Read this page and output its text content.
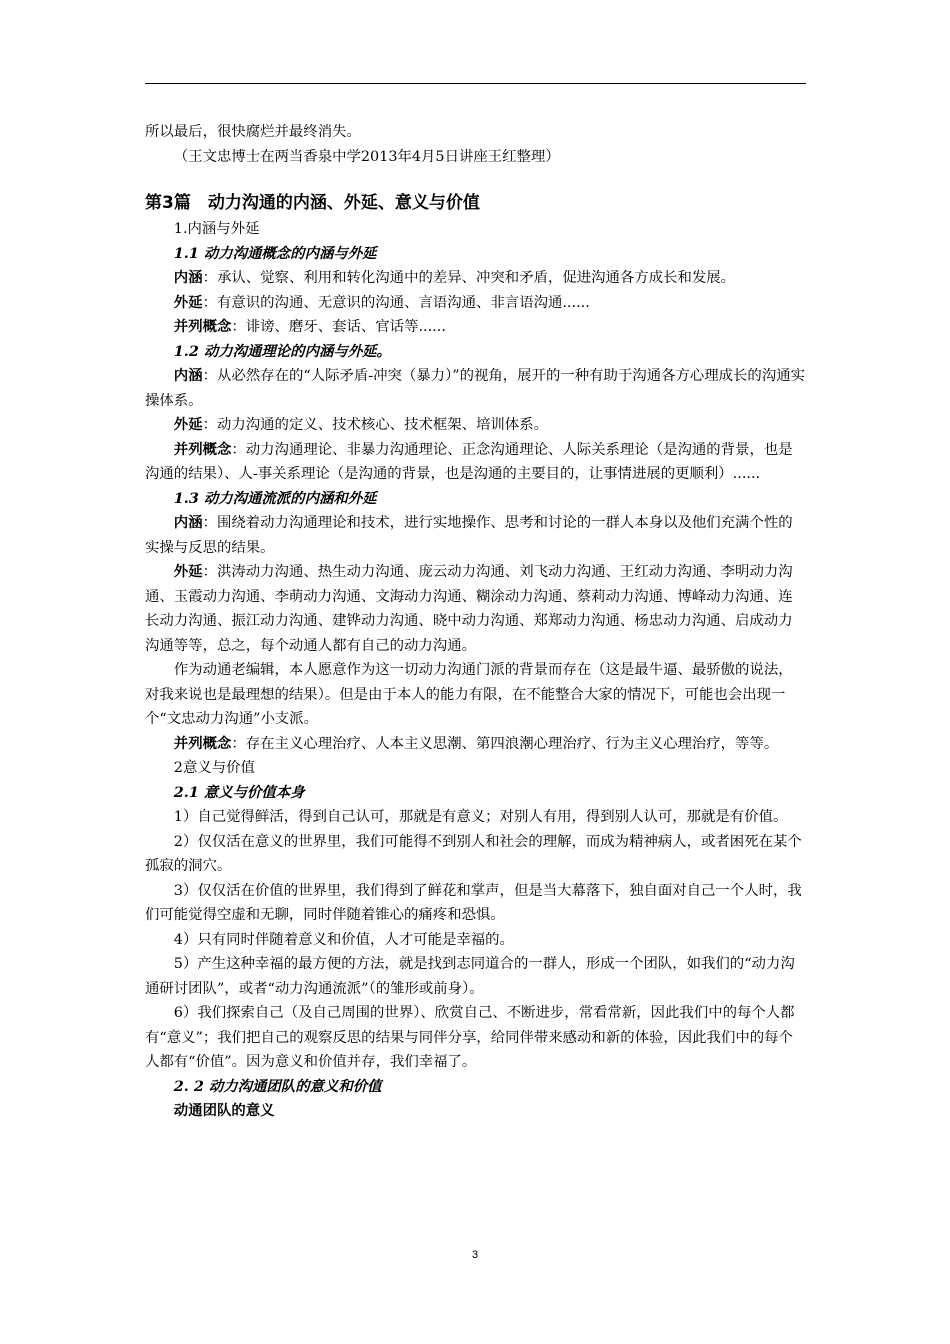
所以最后，很快腐烂并最终消失。

（王文忠博士在两当香泉中学2013年4月5日讲座王红整理）

第3篇　动力沟通的内涵、外延、意义与价值

1.内涵与外延

1.1 动力沟通概念的内涵与外延

内涵：承认、觉察、利用和转化沟通中的差异、冲突和矛盾，促进沟通各方成长和发展。

外延：有意识的沟通、无意识的沟通、言语沟通、非言语沟通......

并列概念：诽谤、磨牙、套话、官话等......

1.2 动力沟通理论的内涵与外延。

内涵：从必然存在的“人际矛盾-冲突（暴力）”的视角，展开的一种有助于沟通各方心理成长的沟通实操体系。

外延：动力沟通的定义、技术核心、技术框架、培训体系。

并列概念：动力沟通理论、非暴力沟通理论、正念沟通理论、人际关系理论（是沟通的背景，也是沟通的结果）、人-事关系理论（是沟通的背景，也是沟通的主要目的，让事情进展的更顺利）......

1.3 动力沟通流派的内涵和外延

内涵：围绕着动力沟通理论和技术，进行实地操作、思考和讨论的一群人本身以及他们充满个性的实操与反思的结果。

外延：洪涛动力沟通、热生动力沟通、庞云动力沟通、刘飞动力沟通、王红动力沟通、李明动力沟通、玉霞动力沟通、李萌动力沟通、文海动力沟通、糊涂动力沟通、蔡莉动力沟通、博峰动力沟通、连长动力沟通、振江动力沟通、建铧动力沟通、晓中动力沟通、郑郑动力沟通、杨忠动力沟通、启成动力沟通等等，总之，每个动通人都有自己的动力沟通。

作为动通老编辑，本人愿意作为这一切动力沟通门派的背景而存在（这是最牛逼、最骄傲的说法，对我来说也是最理想的结果）。但是由于本人的能力有限，在不能整合大家的情况下，可能也会出现一个“文忠动力沟通”小支派。

并列概念：存在主义心理治疗、人本主义思潮、第四浪潮心理治疗、行为主义心理治疗，等等。

2意义与价值

2.1 意义与价值本身

1）自己觉得鲜活，得到自己认可，那就是有意义；对别人有用，得到别人认可，那就是有价值。

2）仅仅活在意义的世界里，我们可能得不到别人和社会的理解，而成为精神病人，或者困死在某个孤寂的洞穴。

3）仅仅活在价值的世界里，我们得到了鲜花和掌声，但是当大幕落下，独自面对自己一个人时，我们可能觉得空虚和无聊，同时伴随着锥心的痛疼和恐惧。

4）只有同时伴随着意义和价值，人才可能是幸福的。

5）产生这种幸福的最方便的方法，就是找到志同道合的一群人，形成一个团队，如我们的“动力沟通研讨团队”，或者“动力沟通流派”（的雏形或前身）。

6）我们探索自己（及自己周围的世界）、欣赏自己、不断进步，常看常新，因此我们中的每个人都有“意义”；我们把自己的观察反思的结果与同伴分享，给同伴带来感动和新的体验，因此我们中的每个人都有“价值”。因为意义和价值并存，我们幸福了。

2. 2 动力沟通团队的意义和价值

动通团队的意义

3
